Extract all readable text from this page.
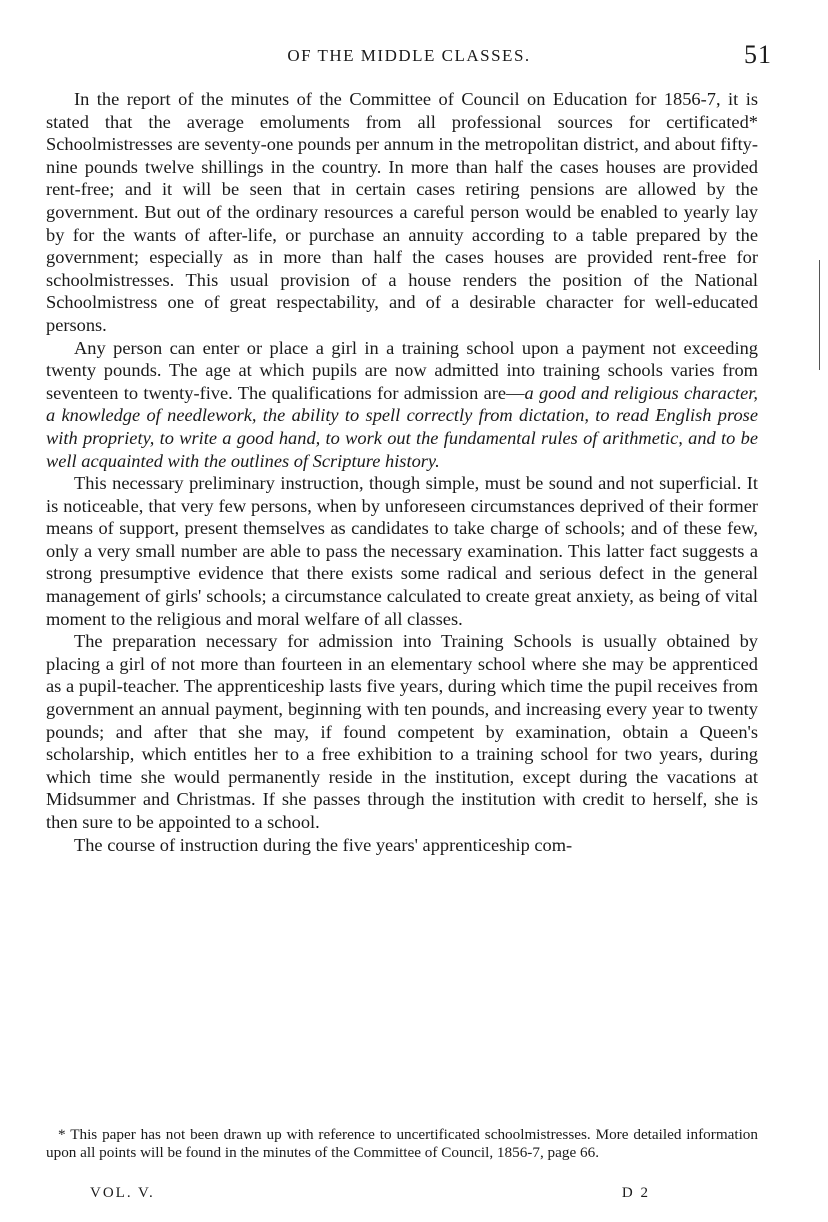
OF THE MIDDLE CLASSES.	51

In the report of the minutes of the Committee of Council on Education for 1856-7, it is stated that the average emoluments from all professional sources for certificated* Schoolmistresses are seventy-one pounds per annum in the metropolitan district, and about fifty-nine pounds twelve shillings in the country. In more than half the cases houses are provided rent-free; and it will be seen that in certain cases retiring pensions are allowed by the government. But out of the ordinary resources a careful person would be enabled to yearly lay by for the wants of after-life, or purchase an annuity according to a table prepared by the government; especially as in more than half the cases houses are provided rent-free for schoolmistresses. This usual provision of a house renders the position of the National Schoolmistress one of great respectability, and of a desirable character for well-educated persons.

Any person can enter or place a girl in a training school upon a payment not exceeding twenty pounds. The age at which pupils are now admitted into training schools varies from seventeen to twenty-five. The qualifications for admission are—a good and religious character, a knowledge of needlework, the ability to spell correctly from dictation, to read English prose with propriety, to write a good hand, to work out the fundamental rules of arithmetic, and to be well acquainted with the outlines of Scripture history.

This necessary preliminary instruction, though simple, must be sound and not superficial. It is noticeable, that very few persons, when by unforeseen circumstances deprived of their former means of support, present themselves as candidates to take charge of schools; and of these few, only a very small number are able to pass the necessary examination. This latter fact suggests a strong presumptive evidence that there exists some radical and serious defect in the general management of girls' schools; a circumstance calculated to create great anxiety, as being of vital moment to the religious and moral welfare of all classes.

The preparation necessary for admission into Training Schools is usually obtained by placing a girl of not more than fourteen in an elementary school where she may be apprenticed as a pupil-teacher. The apprenticeship lasts five years, during which time the pupil receives from government an annual payment, beginning with ten pounds, and increasing every year to twenty pounds; and after that she may, if found competent by examination, obtain a Queen's scholarship, which entitles her to a free exhibition to a training school for two years, during which time she would permanently reside in the institution, except during the vacations at Midsummer and Christmas. If she passes through the institution with credit to herself, she is then sure to be appointed to a school.

The course of instruction during the five years' apprenticeship com-

* This paper has not been drawn up with reference to uncertificated schoolmistresses. More detailed information upon all points will be found in the minutes of the Committee of Council, 1856-7, page 66.

VOL. V.	D 2
